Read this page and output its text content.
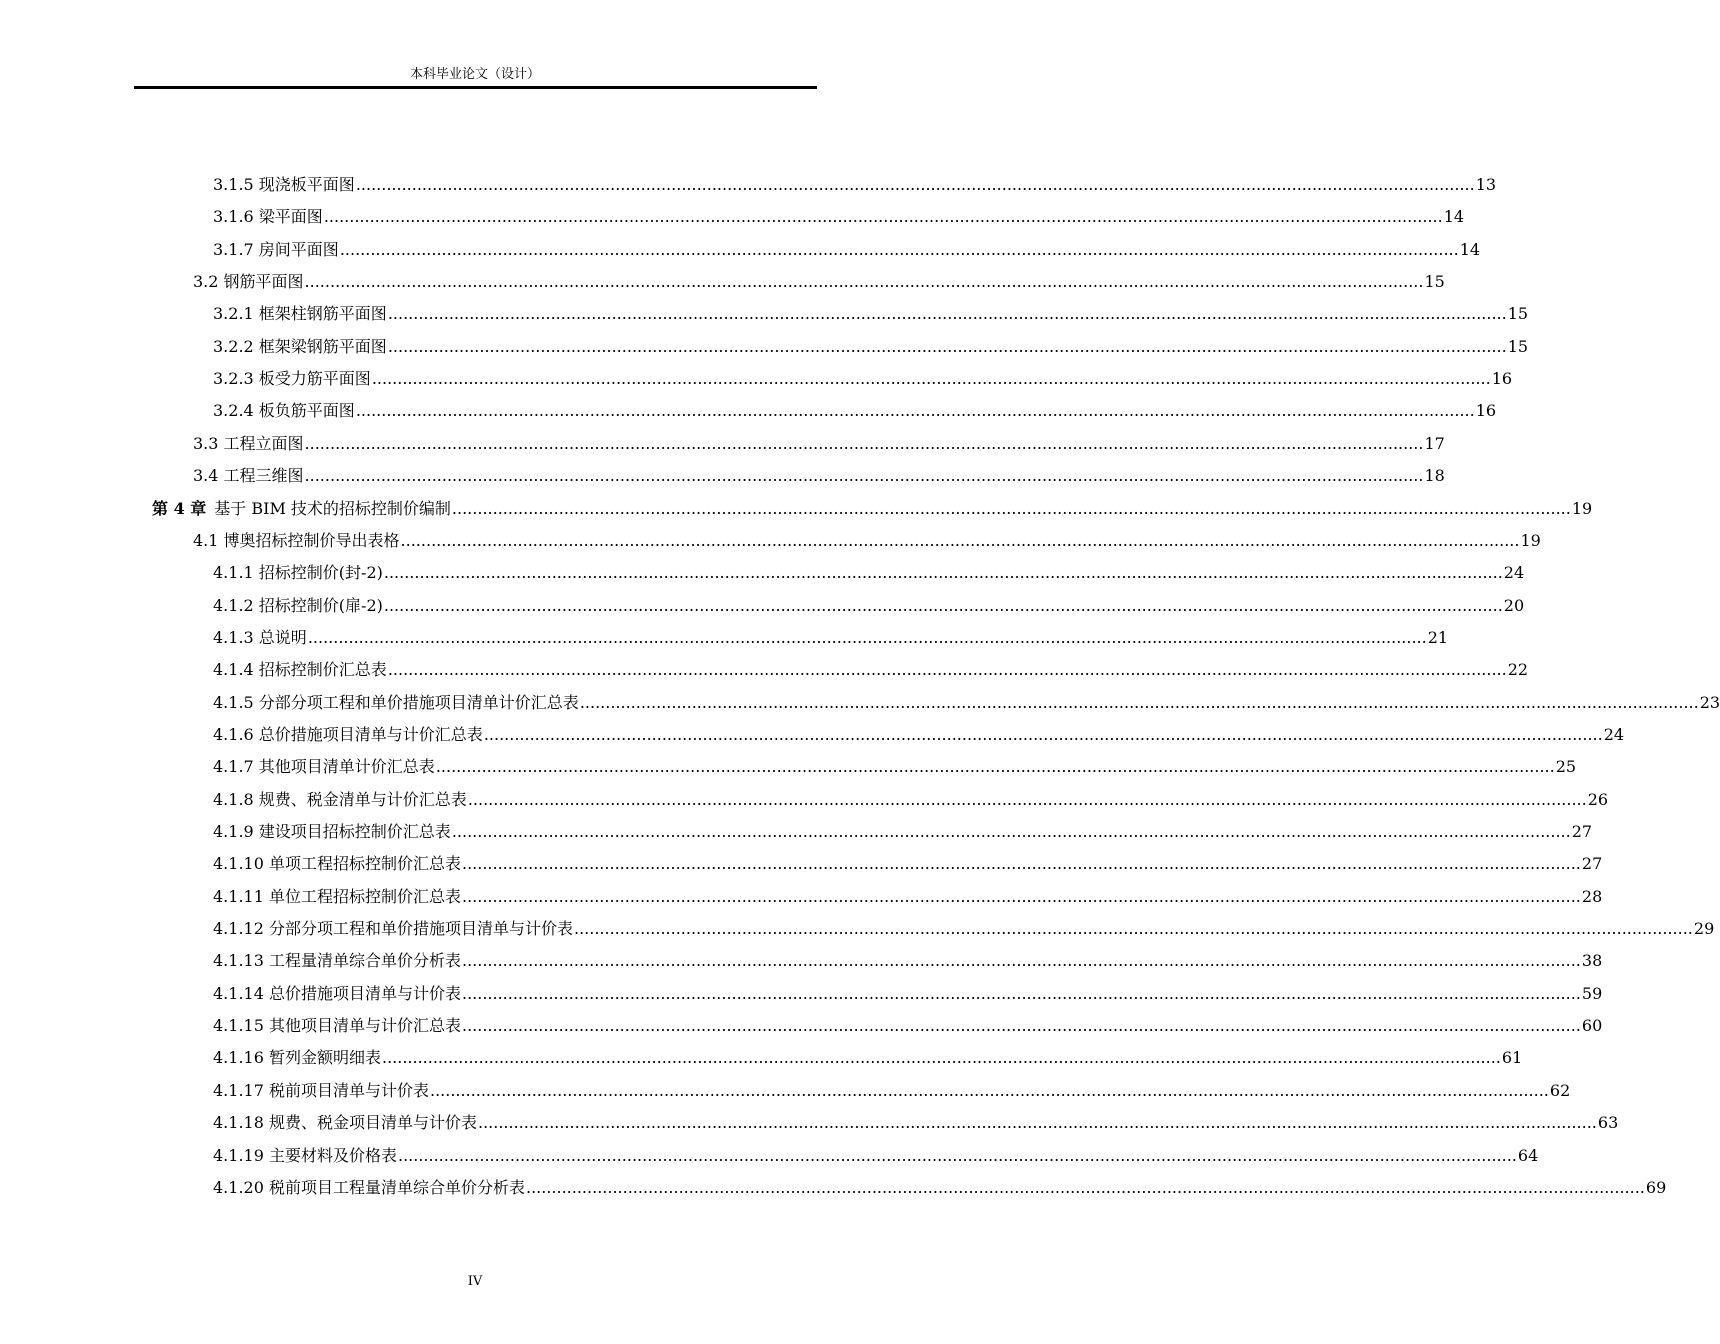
本科毕业论文（设计）
3.1.5 现浇板平面图 ............................................................................................................................................................................................................................ 13
3.1.6 梁平面图 ............................................................................................................................................................................................................................ 14
3.1.7 房间平面图 ............................................................................................................................................................................................................................ 14
3.2 钢筋平面图 ............................................................................................................................................................................................................................ 15
3.2.1 框架柱钢筋平面图 ............................................................................................................................................................................................................................ 15
3.2.2 框架梁钢筋平面图 ............................................................................................................................................................................................................................ 15
3.2.3 板受力筋平面图 ............................................................................................................................................................................................................................ 16
3.2.4 板负筋平面图 ............................................................................................................................................................................................................................ 16
3.3 工程立面图 ............................................................................................................................................................................................................................ 17
3.4 工程三维图 ............................................................................................................................................................................................................................ 18
第 4 章 基于 BIM 技术的招标控制价编制 ............................................................................................................................................................................................................................ 19
4.1 博奥招标控制价导出表格 ............................................................................................................................................................................................................................ 19
4.1.1 招标控制价(封-2) ............................................................................................................................................................................................................................ 24
4.1.2 招标控制价(扉-2) ............................................................................................................................................................................................................................ 20
4.1.3 总说明 ............................................................................................................................................................................................................................ 21
4.1.4 招标控制价汇总表 ............................................................................................................................................................................................................................ 22
4.1.5 分部分项工程和单价措施项目清单计价汇总表 ............................................................................................................................................................................................................................ 23
4.1.6 总价措施项目清单与计价汇总表 ............................................................................................................................................................................................................................ 24
4.1.7 其他项目清单计价汇总表 ............................................................................................................................................................................................................................ 25
4.1.8 规费、税金清单与计价汇总表 ............................................................................................................................................................................................................................ 26
4.1.9 建设项目招标控制价汇总表 ............................................................................................................................................................................................................................ 27
4.1.10 单项工程招标控制价汇总表 ............................................................................................................................................................................................................................ 27
4.1.11 单位工程招标控制价汇总表 ............................................................................................................................................................................................................................ 28
4.1.12 分部分项工程和单价措施项目清单与计价表 ............................................................................................................................................................................................................................ 29
4.1.13 工程量清单综合单价分析表 ............................................................................................................................................................................................................................ 38
4.1.14 总价措施项目清单与计价表 ............................................................................................................................................................................................................................ 59
4.1.15 其他项目清单与计价汇总表 ............................................................................................................................................................................................................................ 60
4.1.16 暂列金额明细表 ............................................................................................................................................................................................................................ 61
4.1.17 税前项目清单与计价表 ............................................................................................................................................................................................................................ 62
4.1.18 规费、税金项目清单与计价表 ............................................................................................................................................................................................................................ 63
4.1.19 主要材料及价格表 ............................................................................................................................................................................................................................ 64
4.1.20 税前项目工程量清单综合单价分析表 ............................................................................................................................................................................................................................ 69
IV
